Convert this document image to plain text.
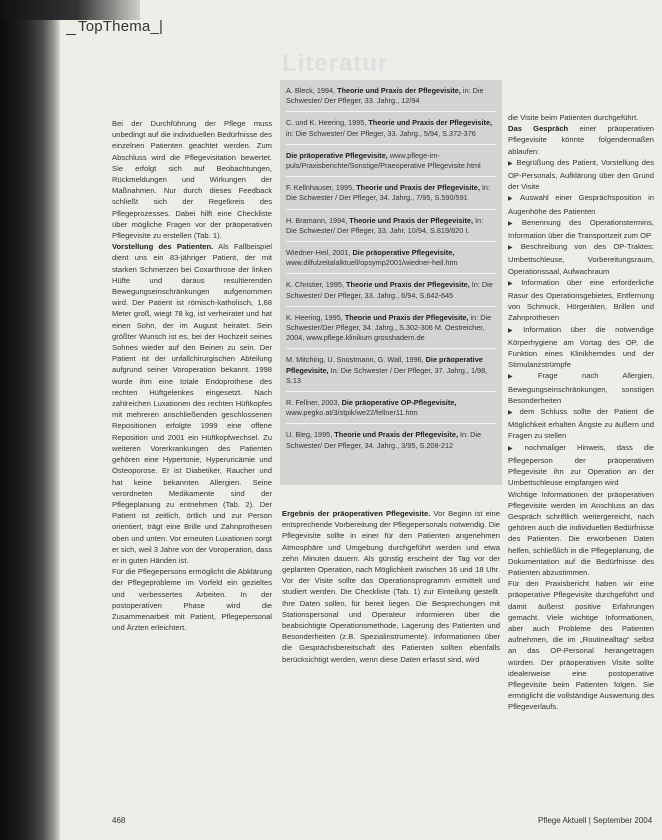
TopThema_|
Literatur
A. Bleck, 1994, Theorie und Praxis der Pflegevisite, in: Die Schwester/ Der Pfleger, 33. Jahrg., 12/94
C. und K. Heering, 1995, Theorie und Praxis der Pflegevisite, in: Die Schwester/ Der Pfleger, 33. Jahrg., 5/94, S.372-376
Die präoperative Pflegevisite, www.pflege-im-puls/Praxisberichte/Sonstige/Praeoperative Pflegevisite.html
F. Kellnhauser, 1995, Theorie und Praxis der Pflegevisite, In: Die Schwester / Der Pfleger, 34. Jahrg., 7/95, S.590/591
H. Bramann, 1994, Theorie und Praxis der Pflegevisite, In: Die Schwester/ Der Pfleger, 33. Jahr, 10/94, S.819/820 I.
Wiedner-Heil, 2001, Die präoperative Pflegevisite, www.dilfulzeitalalktuell/opsymp2001/wiedner-heil.htm
K. Christier, 1995, Theorie und Praxis der Pflegevisite, In: Die Schwester/ Der Pfleger, 33. Jahrg., 6/94, S.642-645
K. Heering, 1995, Theorie und Praxis der Pflegevisite, in: Die Schwester/Der Pfleger, 34. Jahrg., S.302-306 M. Oestreicher, 2004, www.pflege.klinikum grosshadern.de
M. Mitching, U. Snostmann, G. Wall, 1996, Die präoperative Pflegevisite, In: Die Schwester / Der Pfleger, 37. Jahrg., 1/98, S.13
R. Fellner, 2003, Die präoperative OP-Pflegevisite, www.pegko.at/3/stpik/we22/fellner11.htm
U. Bleg, 1995, Theorie und Praxis der Pflegevisite, In: Die Schwester/ Der Pfleger, 34. Jahrg., 3/95, S.208-212

Bei der Durchführung der Pflege muss unbedingt auf die individuellen Bedürfnisse des einzelnen Patienten geachtet werden. Zum Abschluss wird die Pflegevisitation bewertet. Sie erfolgt sich auf Beobachtungen, Rückmeldungen und Wirkungen der Maßnahmen. Nur durch dieses Feedback schließt sich der Regelkreis des Pflegeprozesses. Dabei hilft eine Checkliste über mögliche Fragen vor der präoperativen Pflegevisite zu erstellen (Tab. 1).

Vorstellung des Patienten. Als Fallbeispiel dient uns ein 83-jähriger Patient, der mit starken Schmerzen bei Coxarthrose der linken Hüfte und daraus resultierenden Bewegungseinschränkungen aufgenommen wird. Der Patient ist römisch-katholisch, 1,68 Meter groß, wiegt 78 kg, ist verheiratet und hat einen Sohn, der im August heiratet. Sein größter Wunsch ist es, bei der Hochzeit seines Sohnes wieder auf den Beinen zu sein. Der Patient ist der unfallchirurgischen Abteilung aufgrund seiner Voroperation bekannt. 1998 wurde ihm eine totale Endoprothese des rechten Hüftgelenkes eingesetzt. Nach zahlreichen Luxationen des rechten Hüftkopfes mit mehreren anschließenden geschlossenen Repositionen erfolgte 1999 eine offene Reposition und 2001 ein Hüftkopfwechsel. Zu weiteren Vorerkrankungen des Patienten gehören eine Hypertonie, Hyperuricämie und Osteoporose. Er ist Diabetiker, Raucher und hat keine bekannten Allergien. Seine verordneten Medikamente sind der Pflegeplanung zu entnehmen (Tab. 2). Der Patient ist zeitlich, örtlich und zur Person orientiert, trägt eine Brille und Zahnprothesen oben und unten. Vor erneuten Luxationen sorgt er sich, weil 3 Jahre von der Voroperation, dass er in guten Händen ist.

Für die Pflegepersons ermöglicht die Abklärung der Pflegeprobleme im Vorfeld ein gezieltes und verbessertes Arbeiten. In der postoperativen Phase wird die Zusammenarbeit mit Patient, Pflegepersonal und Ärzten erleichtert.

Ergebnis der präoperativen Pflegevisite. Vor Beginn ist eine entsprechende Vorbereitung der Pflegepersonals notwendig. Die Pflegevisite sollte in einer für den Patienten angenehmen Atmosphäre und Umgebung durchgeführt werden und etwa zehn Minuten dauern. Als günstig erscheint der Tag vor der geplanten Operation, nach Möglichkeit zwischen 16 und 18 Uhr. Vor der Visite sollte das Operationsprogramm ermittelt und studiert werden. Die Checkliste (Tab. 1) zur Einteilung gestellt. Ihre Daten sollen, für bereit liegen. Die Besprechungen mit Stationspersonal und Operateur informieren über die beabsichtigte Operationsmethode, Lagerung des Patienten und Besonderheiten (z.B. Spezialinstrumente). Informationen über die Gesprächsbereitschaft des Patienten sollten ebenfalls berücksichtigt werden, wenn diese Daten erfasst sind, wird

die Visite beim Patienten durchgeführt.

Das Gespräch einer präoperativen Pflegevisite könnte folgendermaßen ablaufen:

▶ Begrüßung des Patient, Vorstellung des OP-Personals, Aufklärung über den Grund der Visite

▶ Auswahl einer Gesprächsposition in Augenhöhe des Patienten

▶ Benennung des Operationstermins, Information über die Transportzeit zum OP

▶ Beschreibung von des OP-Traktes: Umbettschleuse, Vorbereitungsraum, Operationssaal, Aufwachraum

▶ Information über eine erforderliche Rasur des Operationsgebietes, Entfernung von Schmuck, Hörgeräten, Brillen und Zahnprothesen

▶ Information über die notwendige Körperhygiene am Vortag des OP, die Funktion eines Klinikhemdes und der Stimulanzstrümpfe

▶ Frage nach Allergien, Bewegungseinschränkungen, sonstigen Besonderheiten

▶ dem Schluss sollte der Patient die Möglichkeit erhalten Ängste zu äußern und Fragen zu stellen

▶ nochmaliger Hinweis, dass die Pflegeperson der präoperativen Pflegevisite ihn zur Operation an der Umbettschleuse empfangen wird

Wichtige Informationen der präoperativen Pflegevisite werden im Anschluss an das Gespräch schriftlich weitergereicht, nach gehören auch die individuellen Bedürfnisse des Patienten. Die erworbenen Daten helfen, schließlich in die Pflegeplanung, die Dokumentation auf die Bedürfnisse des Patienten abzustimmen.

Für den Praxisbericht haben wir eine präoperative Pflegevisite durchgeführt und damit äußerst positive Erfahrungen gemacht. Viele wichtige Informationen, aber auch Probleme des Patienten aufnehmen, die im „Routinealltag“ selbst an das OP-Personal herangetragen würden. Der präoperativen Visite sollte idealerweise eine postoperative Pflegevisite beim Patienten folgen. Sie ermöglicht die vollständige Auswertung des Pflegeverlaufs.

468	Pflege Aktuell | September 2004
